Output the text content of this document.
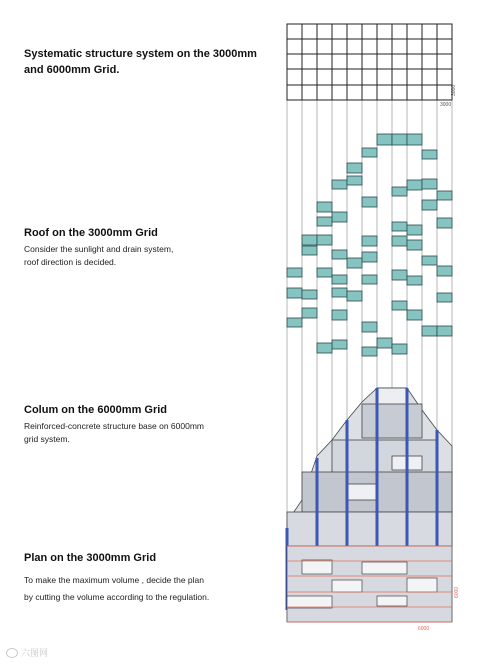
Systematic structure system on the 3000mm
and 6000mm Grid.
Roof on the 3000mm Grid
Consider the sunlight and drain system,
roof direction is decided.
Colum on the 6000mm Grid
Reinforced-concrete structure base on 6000mm
grid system.
Plan on the 3000mm Grid
To make the maximum volume , decide the plan
by cutting the volume according to the regulation.
3000
3000
6000
6000
六图网
